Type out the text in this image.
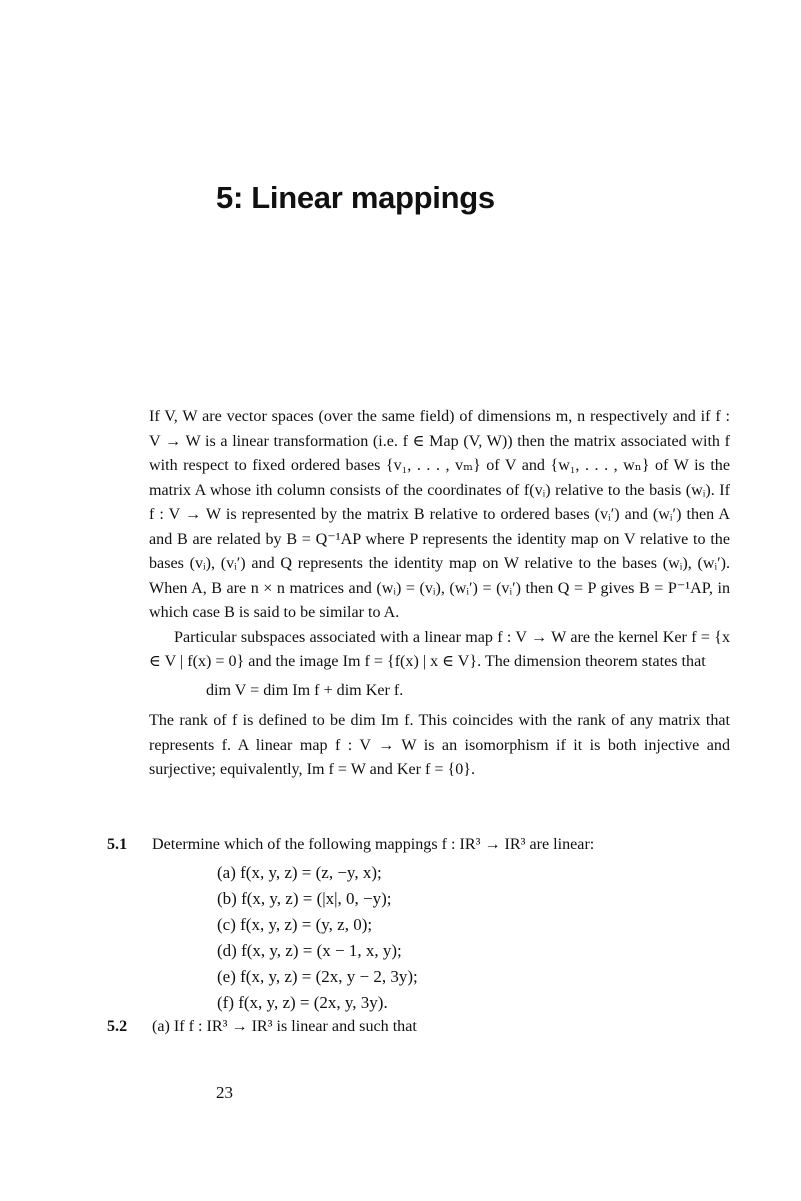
5: Linear mappings

If V, W are vector spaces (over the same field) of dimensions m, n respectively and if f : V → W is a linear transformation (i.e. f ∈ Map (V, W)) then the matrix associated with f with respect to fixed ordered bases {v₁, . . . , vₘ} of V and {w₁, . . . , wₙ} of W is the matrix A whose ith column consists of the coordinates of f(vᵢ) relative to the basis (wᵢ). If f : V → W is represented by the matrix B relative to ordered bases (vᵢ′) and (wᵢ′) then A and B are related by B = Q⁻¹AP where P represents the identity map on V relative to the bases (vᵢ), (vᵢ′) and Q represents the identity map on W relative to the bases (wᵢ), (wᵢ′). When A, B are n × n matrices and (wᵢ) = (vᵢ), (wᵢ′) = (vᵢ′) then Q = P gives B = P⁻¹AP, in which case B is said to be similar to A.

Particular subspaces associated with a linear map f : V → W are the kernel Ker f = {x ∈ V | f(x) = 0} and the image Im f = {f(x) | x ∈ V}. The dimension theorem states that

dim V = dim Im f + dim Ker f.

The rank of f is defined to be dim Im f. This coincides with the rank of any matrix that represents f. A linear map f : V → W is an isomorphism if it is both injective and surjective; equivalently, Im f = W and Ker f = {0}.

5.1	Determine which of the following mappings f : IR³ → IR³ are linear:

(a) f(x, y, z) = (z, −y, x);

(b) f(x, y, z) = (|x|, 0, −y);

(c) f(x, y, z) = (y, z, 0);

(d) f(x, y, z) = (x − 1, x, y);

(e) f(x, y, z) = (2x, y − 2, 3y);

(f) f(x, y, z) = (2x, y, 3y).

5.2	(a) If f : IR³ → IR³ is linear and such that
23
